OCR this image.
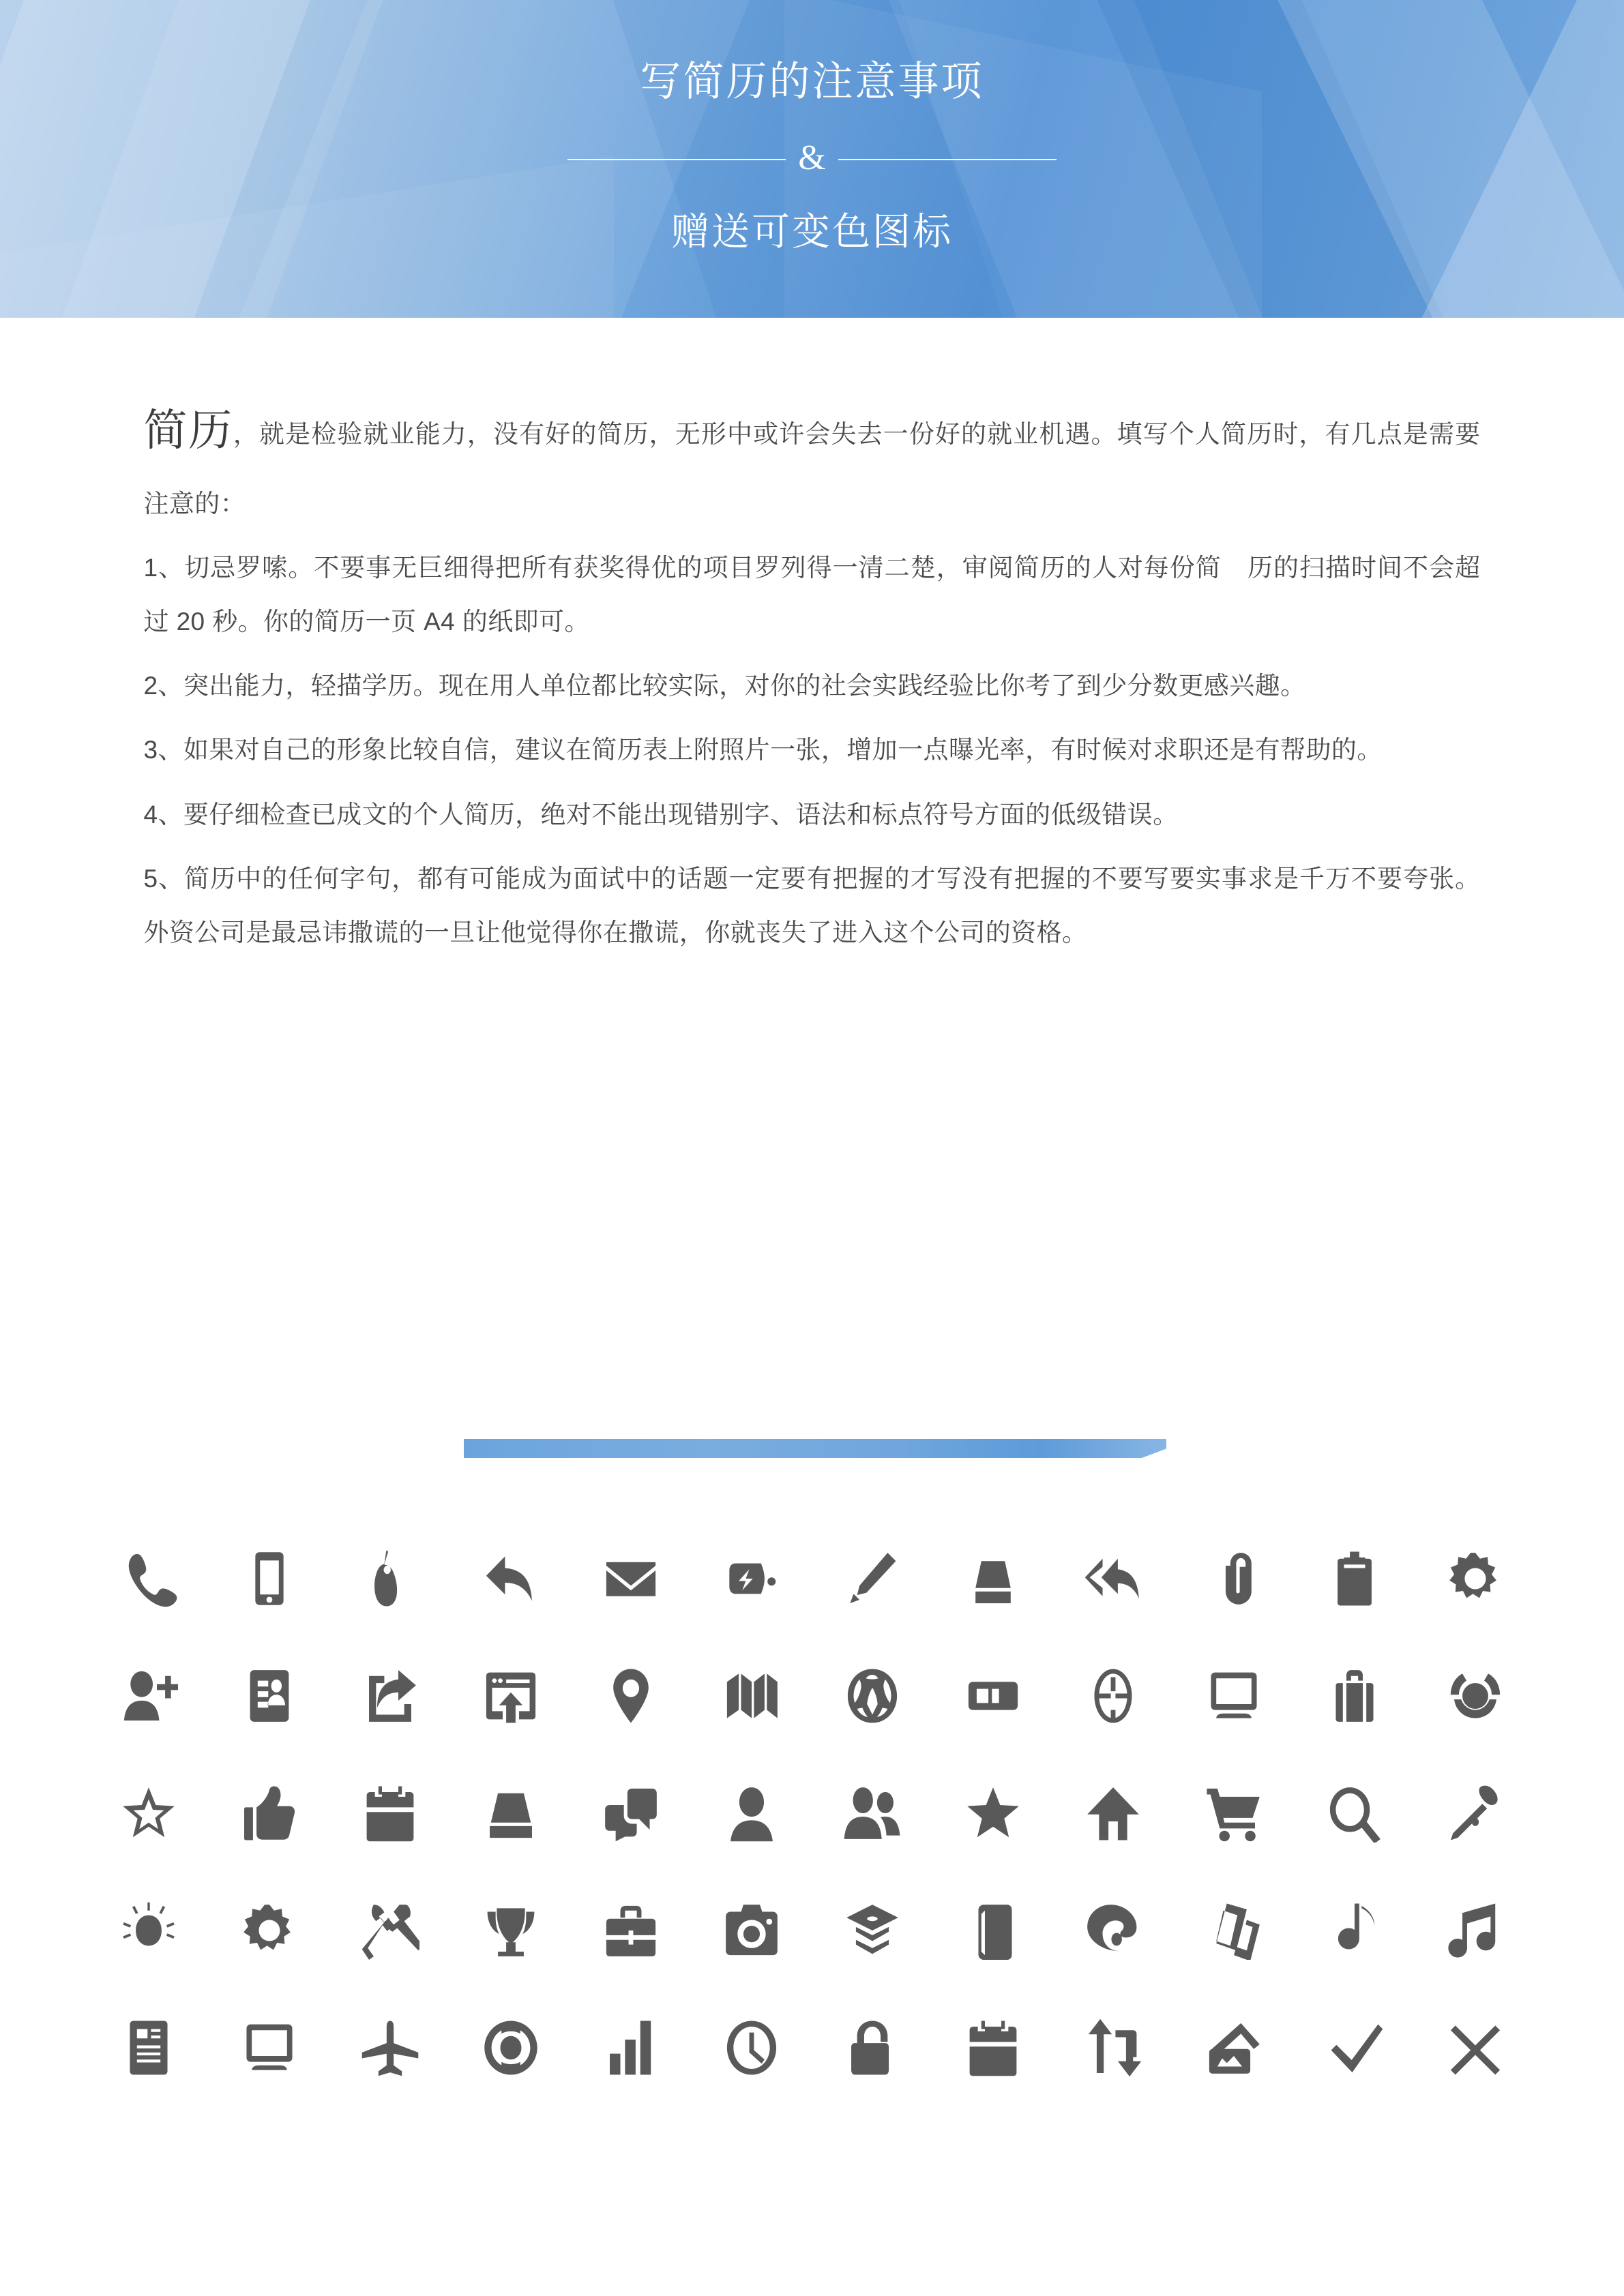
写简历的注意事项
&
赠送可变色图标

简历，就是检验就业能力，没有好的简历，无形中或许会失去一份好的就业机遇。填写个人简历时，有几点是需要注意的：

1、切忌罗嗦。不要事无巨细得把所有获奖得优的项目罗列得一清二楚，审阅简历的人对每份简　历的扫描时间不会超过 20 秒。你的简历一页 A4 的纸即可。

2、突出能力，轻描学历。现在用人单位都比较实际，对你的社会实践经验比你考了到少分数更感兴趣。

3、如果对自己的形象比较自信，建议在简历表上附照片一张，增加一点曝光率，有时候对求职还是有帮助的。

4、要仔细检查已成文的个人简历，绝对不能出现错别字、语法和标点符号方面的低级错误。

5、简历中的任何字句，都有可能成为面试中的话题一定要有把握的才写没有把握的不要写要实事求是千万不要夸张。外资公司是最忌讳撒谎的一旦让他觉得你在撒谎，你就丧失了进入这个公司的资格。
